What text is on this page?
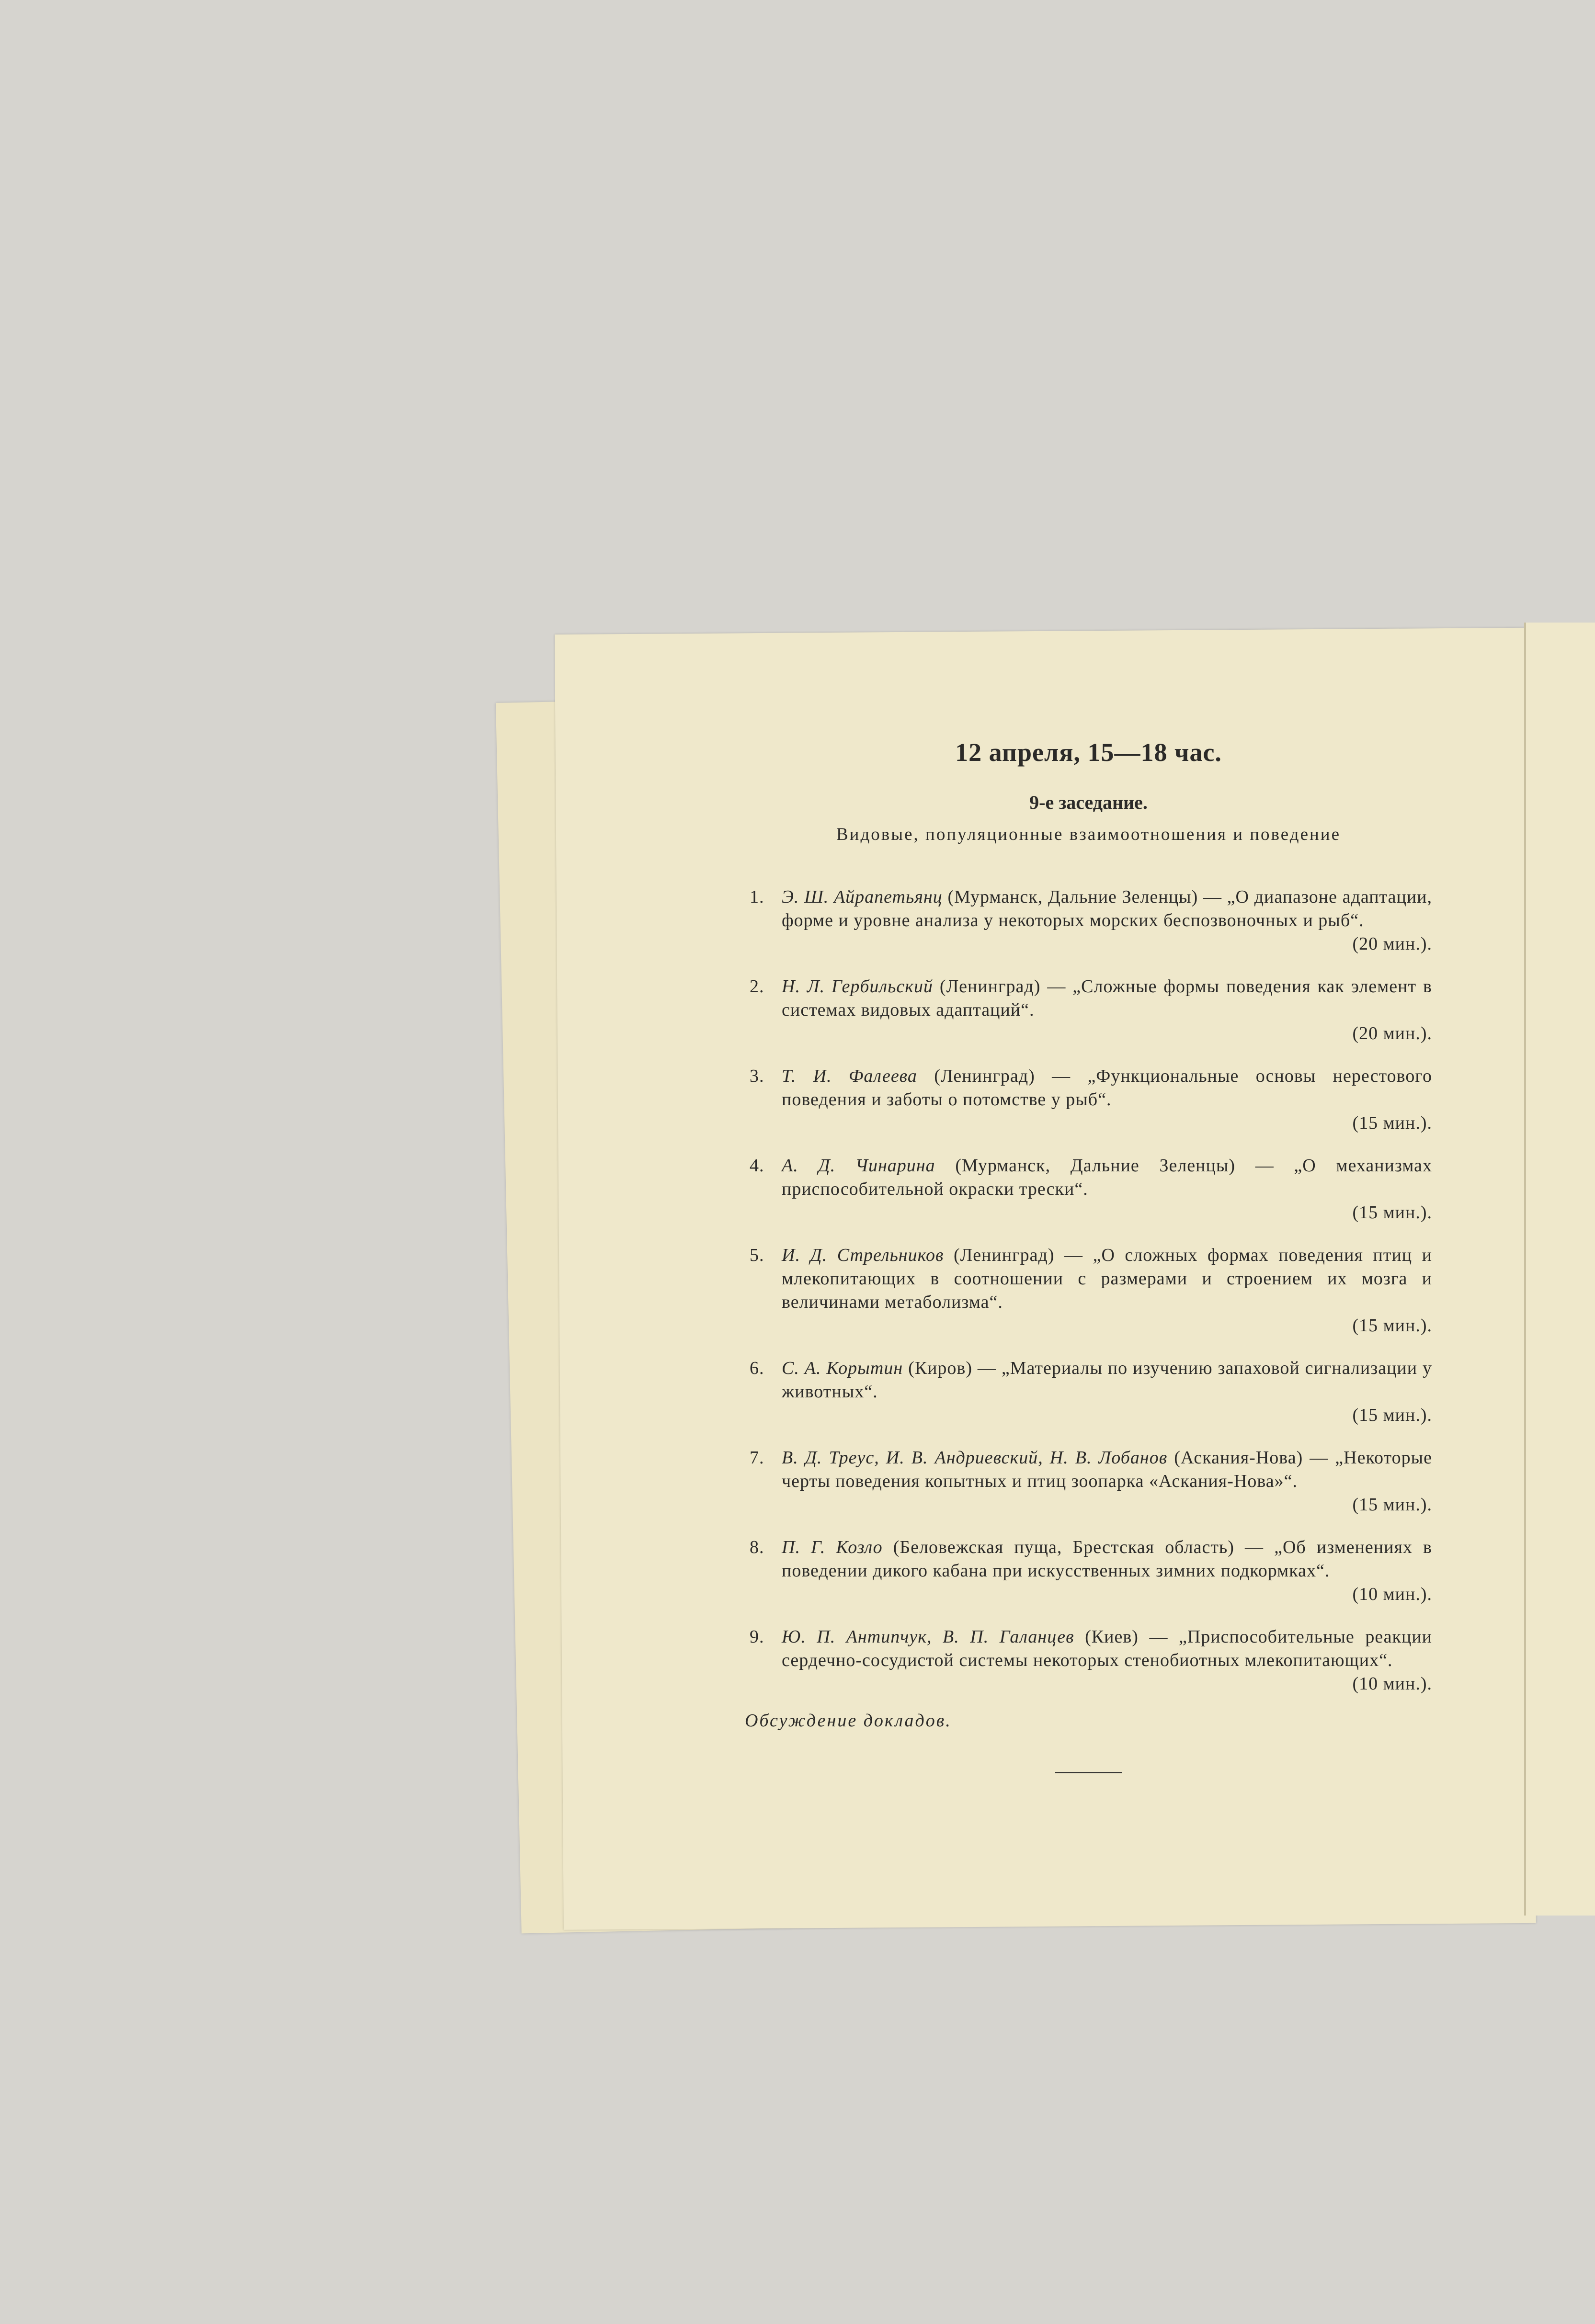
12 апреля, 15—18 час.
9-е заседание.
Видовые, популяционные взаимоотношения и поведение
1. Э. Ш. Айрапетьянц (Мурманск, Дальние Зеленцы) — „О диапазоне адаптации, форме и уровне анализа у некоторых морских беспозвоночных и рыб“.
(20 мин.).
2. Н. Л. Гербильский (Ленинград) — „Сложные формы поведения как элемент в системах видовых адаптаций“.
(20 мин.).
3. Т. И. Фалеева (Ленинград) — „Функциональные основы нерестового поведения и заботы о потомстве у рыб“.
(15 мин.).
4. А. Д. Чинарина (Мурманск, Дальние Зеленцы) — „О механизмах приспособительной окраски трески“.
(15 мин.).
5. И. Д. Стрельников (Ленинград) — „О сложных формах поведения птиц и млекопитающих в соотношении с размерами и строением их мозга и величинами метаболизма“.
(15 мин.).
6. С. А. Корытин (Киров) — „Материалы по изучению запаховой сигнализации у животных“.
(15 мин.).
7. В. Д. Треус, И. В. Андриевский, Н. В. Лобанов (Аскания-Нова) — „Некоторые черты поведения копытных и птиц зоопарка «Аскания-Нова»“.
(15 мин.).
8. П. Г. Козло (Беловежская пуща, Брестская область) — „Об изменениях в поведении дикого кабана при искусственных зимних подкормках“.
(10 мин.).
9. Ю. П. Антипчук, В. П. Галанцев (Киев) — „Приспособительные реакции сердечно-сосудистой системы некоторых стенобиотных млекопитающих“.
(10 мин.).
Обсуждение докладов.
